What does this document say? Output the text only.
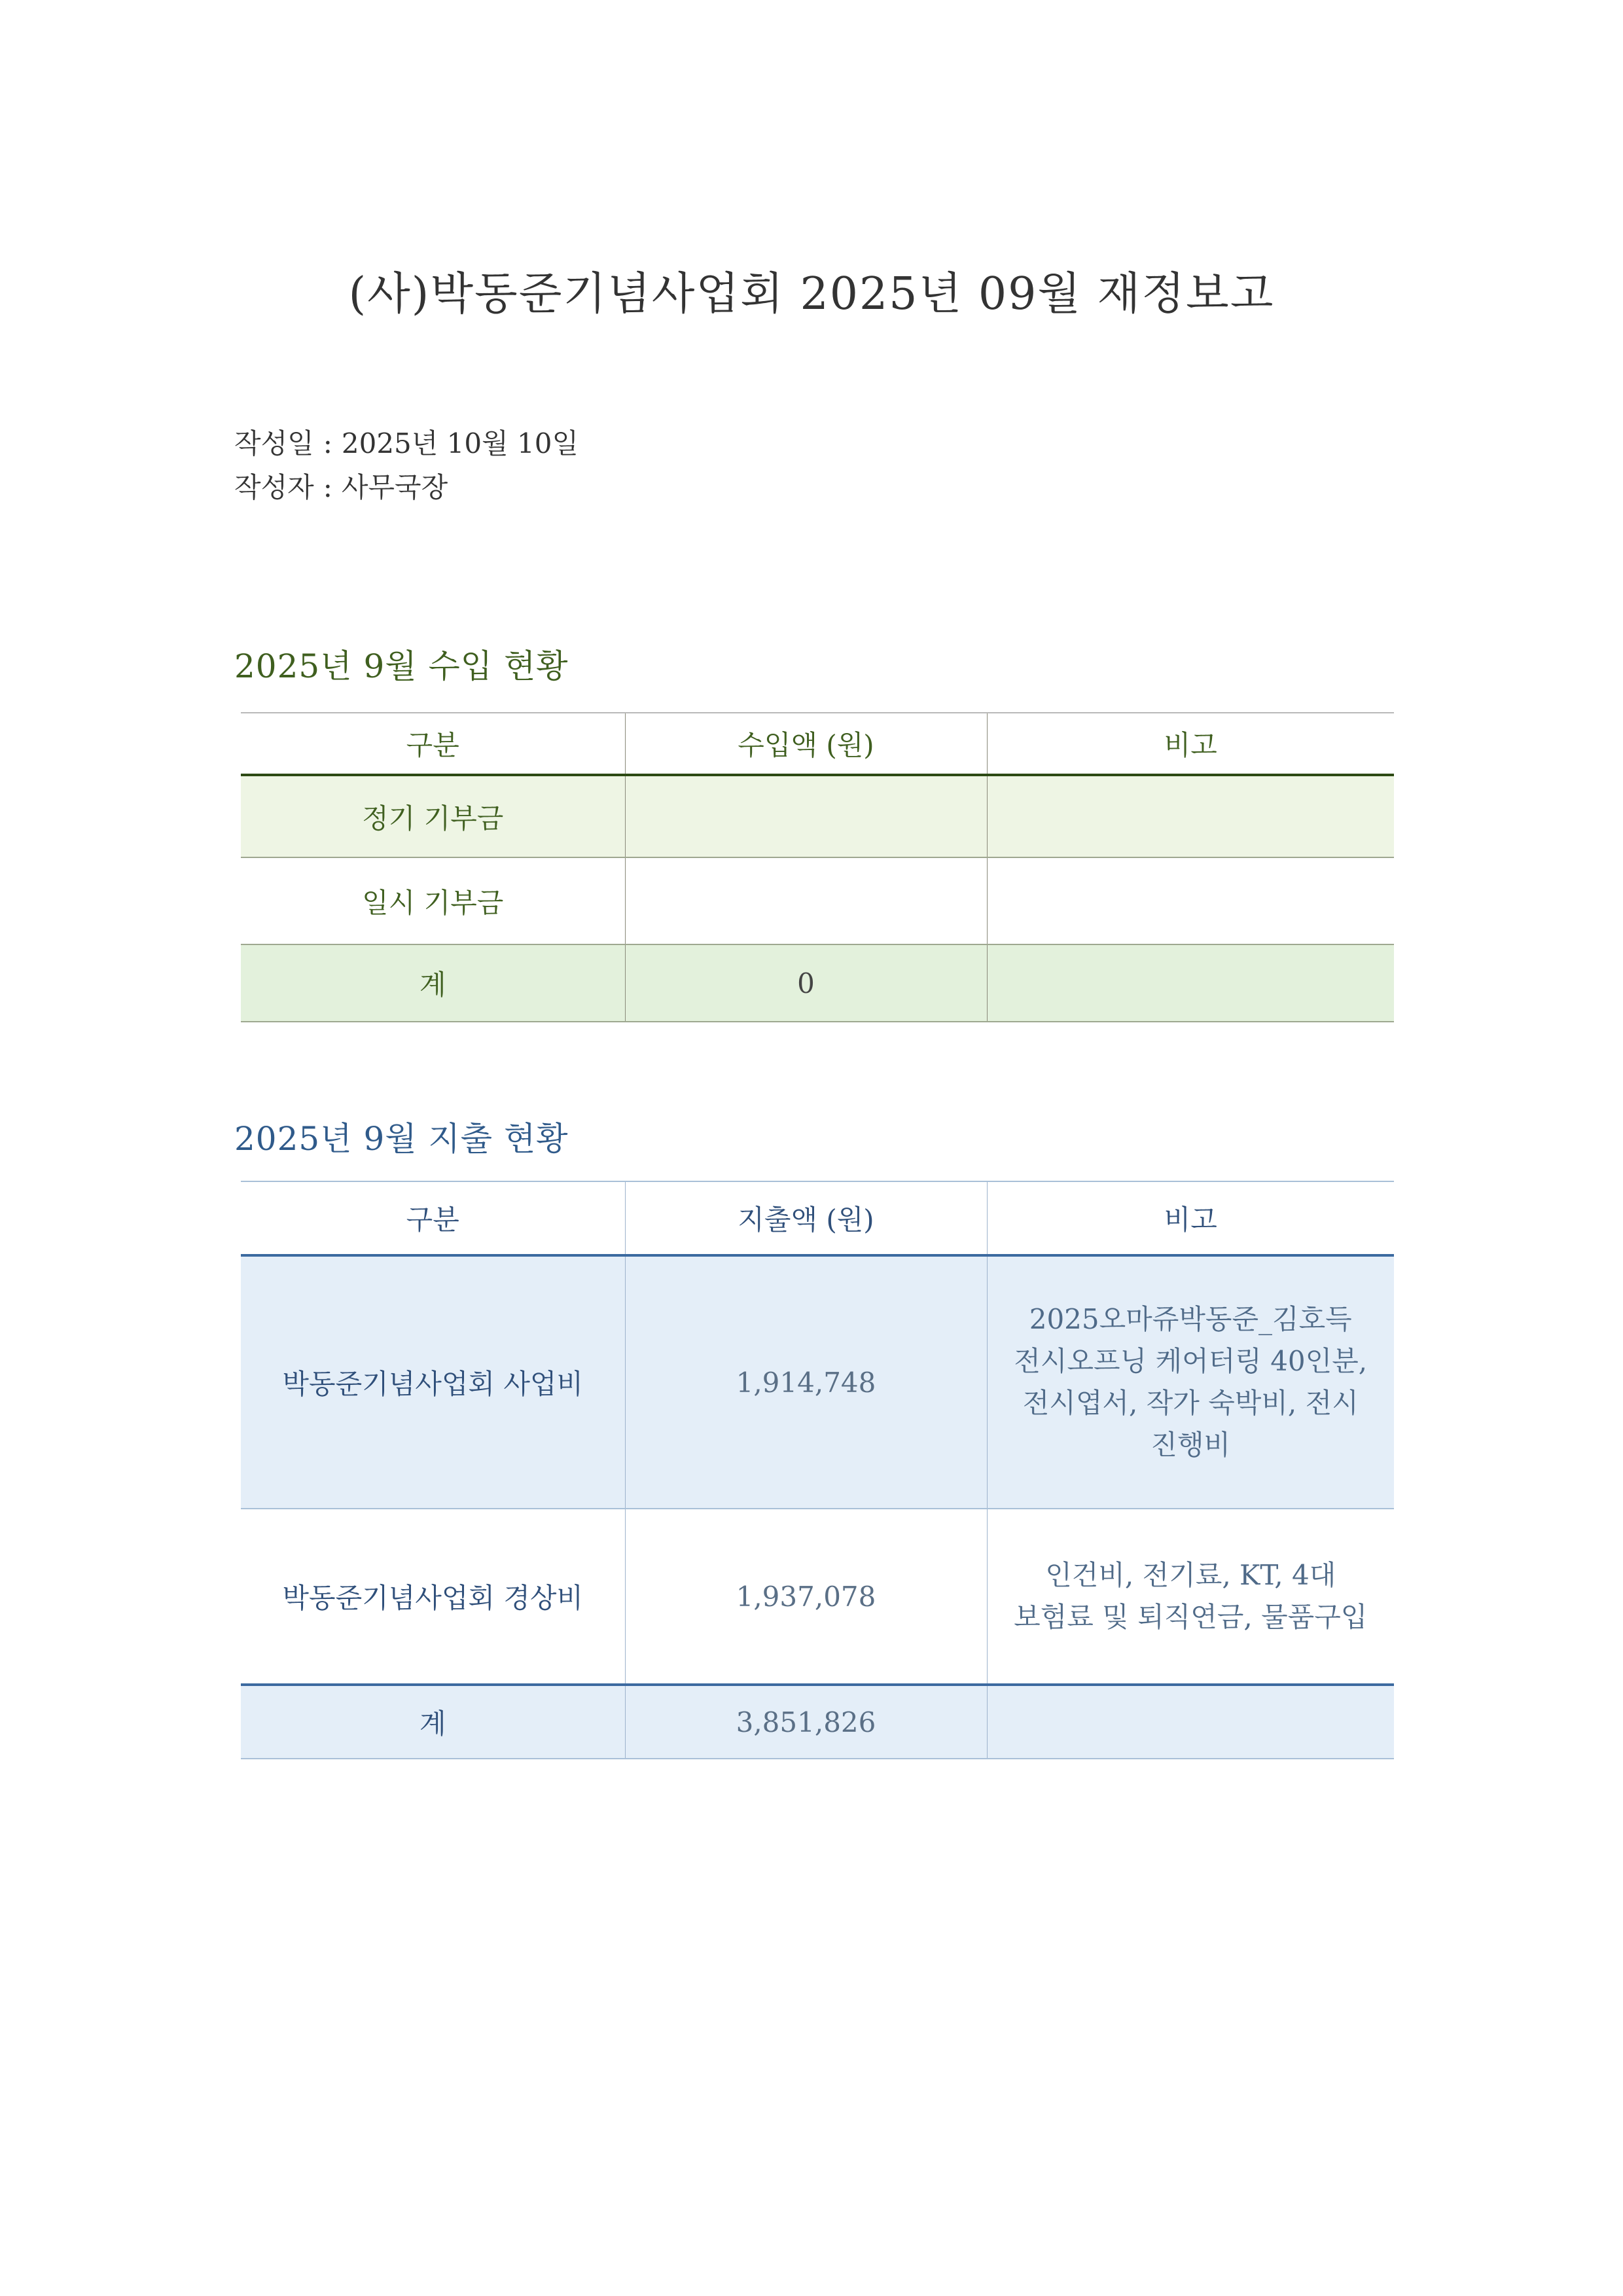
(사)박동준기념사업회 2025년 09월 재정보고
작성일 : 2025년 10월 10일
작성자 : 사무국장
2025년 9월 수입 현황
구분	수입액 (원)	비고
정기 기부금		
일시 기부금		
계	0	
2025년 9월 지출 현황
구분	지출액 (원)	비고
박동준기념사업회 사업비	1,914,748	2025오마쥬박동준_김호득
전시오프닝 케어터링 40인분,
전시엽서, 작가 숙박비, 전시
진행비

박동준기념사업회 경상비	1,937,078	인건비, 전기료, KT, 4대
보험료 및 퇴직연금, 물품구입

계	3,851,826	
